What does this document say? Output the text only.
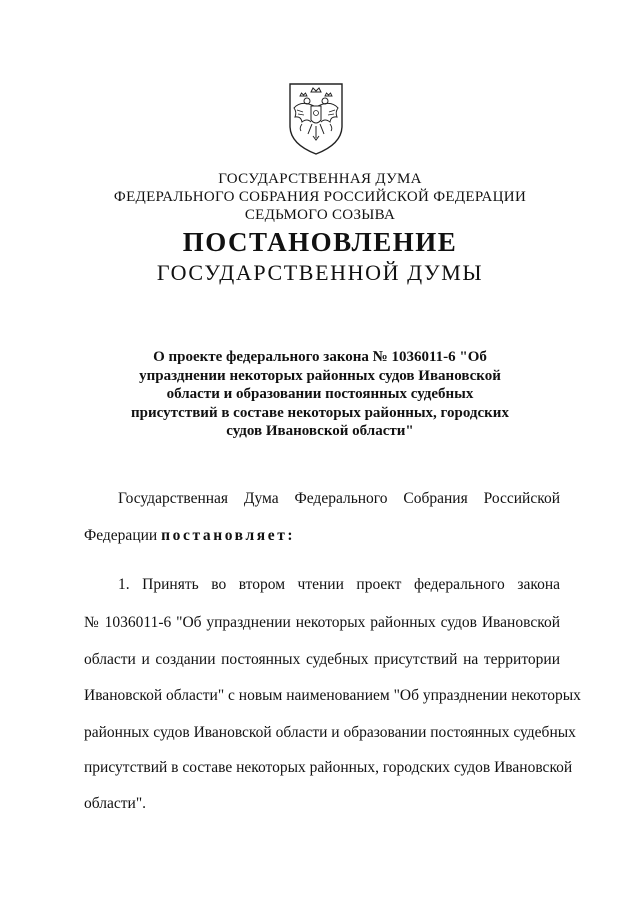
ГОСУДАРСТВЕННАЯ ДУМА
ФЕДЕРАЛЬНОГО СОБРАНИЯ РОССИЙСКОЙ ФЕДЕРАЦИИ
СЕДЬМОГО СОЗЫВА
ПОСТАНОВЛЕНИЕ
ГОСУДАРСТВЕННОЙ ДУМЫ
О проекте федерального закона № 1036011-6 "Об упразднении некоторых районных судов Ивановской области и образовании постоянных судебных присутствий в составе некоторых районных, городских судов Ивановской области"
Государственная Дума Федерального Собрания Российской
Федерации постановляет:
1. Принять во втором чтении проект федерального закона
№ 1036011-6 "Об упразднении некоторых районных судов Ивановской
области и создании постоянных судебных присутствий на территории
Ивановской области" с новым наименованием "Об упразднении некоторых
районных судов Ивановской области и образовании постоянных судебных
присутствий в составе некоторых районных, городских судов Ивановской
области".
